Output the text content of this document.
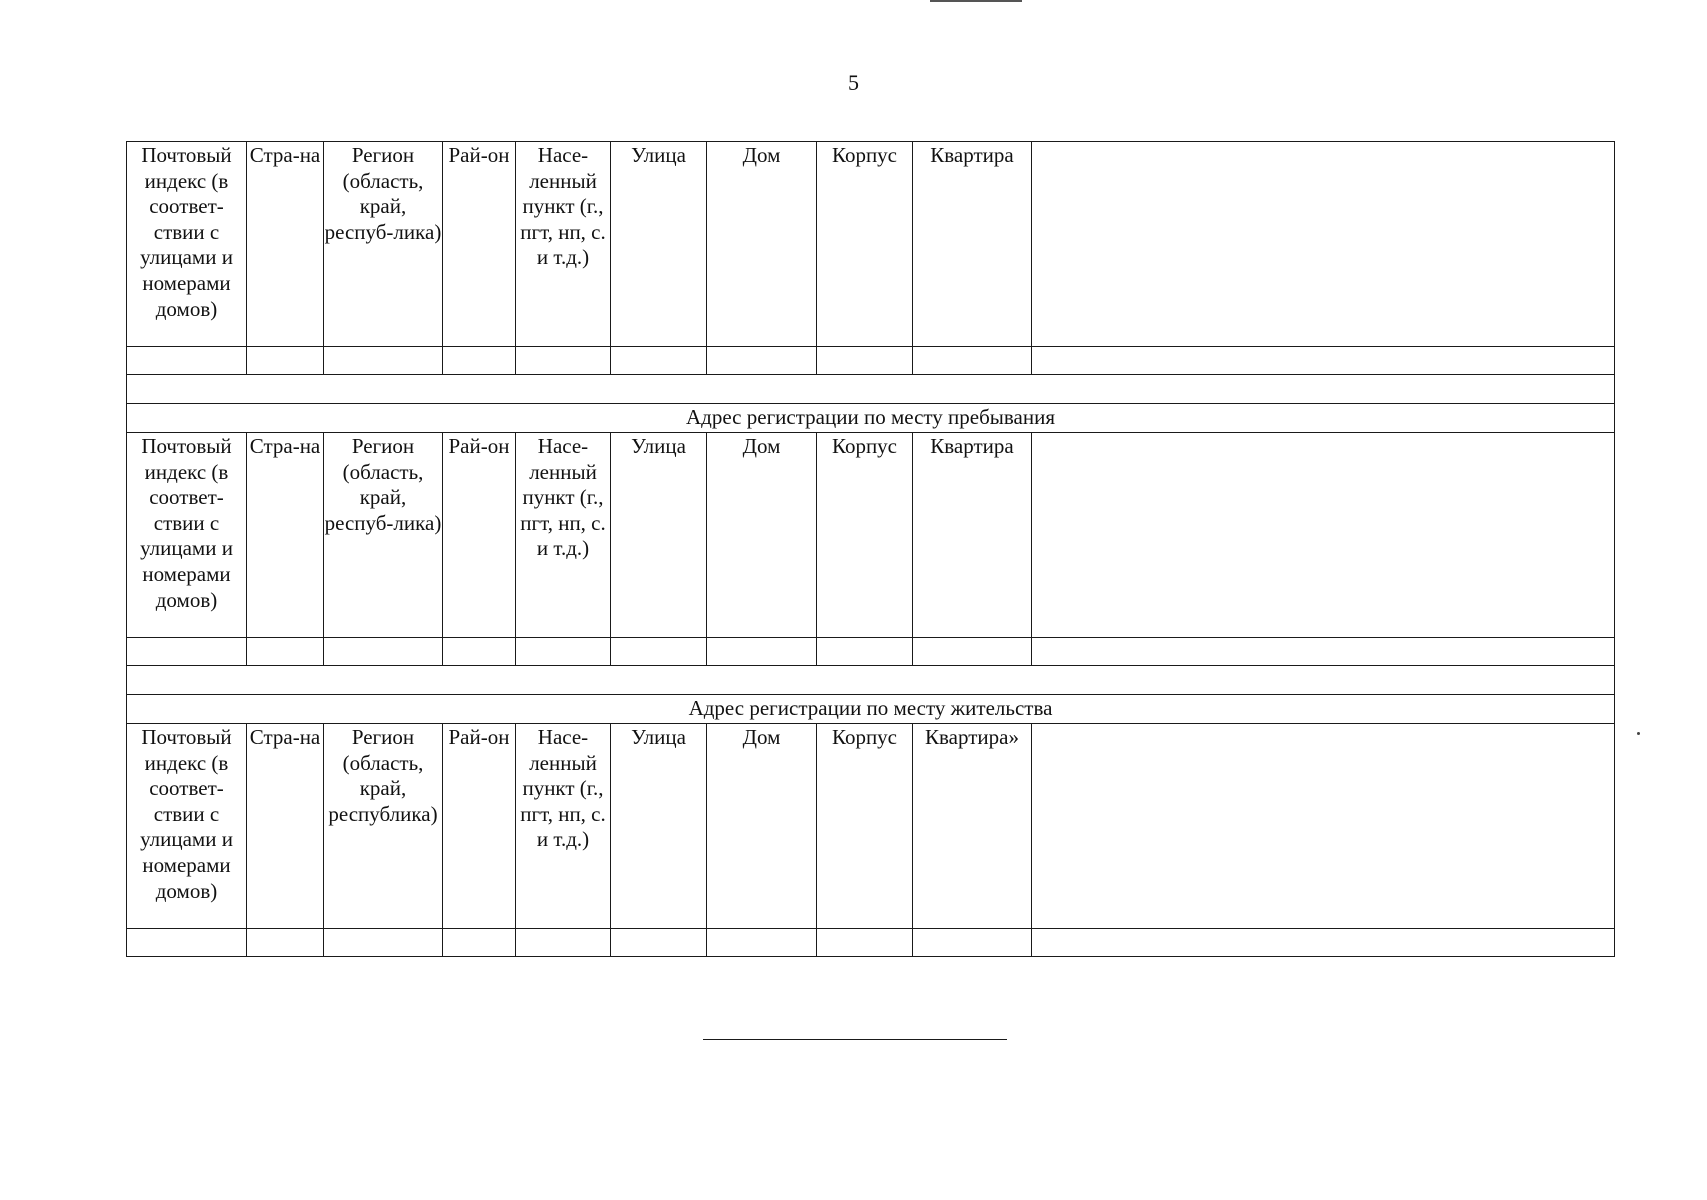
5
Почтовый индекс (в соответ-ствии с улицами и номерами домов)	Стра-на	Регион (область, край, респуб-лика)	Рай-он	Насе-ленный пункт (г., пгт, нп, с. и т.д.)	Улица	Дом	Корпус	Квартира	

Адрес регистрации по месту пребывания									
Почтовый индекс (в соответ-ствии с улицами и номерами домов)	Стра-на	Регион (область, край, респуб-лика)	Рай-он	Насе-ленный пункт (г., пгт, нп, с. и т.д.)	Улица	Дом	Корпус	Квартира	

Адрес регистрации по месту жительства									
Почтовый индекс (в соответ-ствии с улицами и номерами домов)	Стра-на	Регион (область, край, республика)	Рай-он	Насе-ленный пункт (г., пгт, нп, с. и т.д.)	Улица	Дом	Корпус	Квартира»	
